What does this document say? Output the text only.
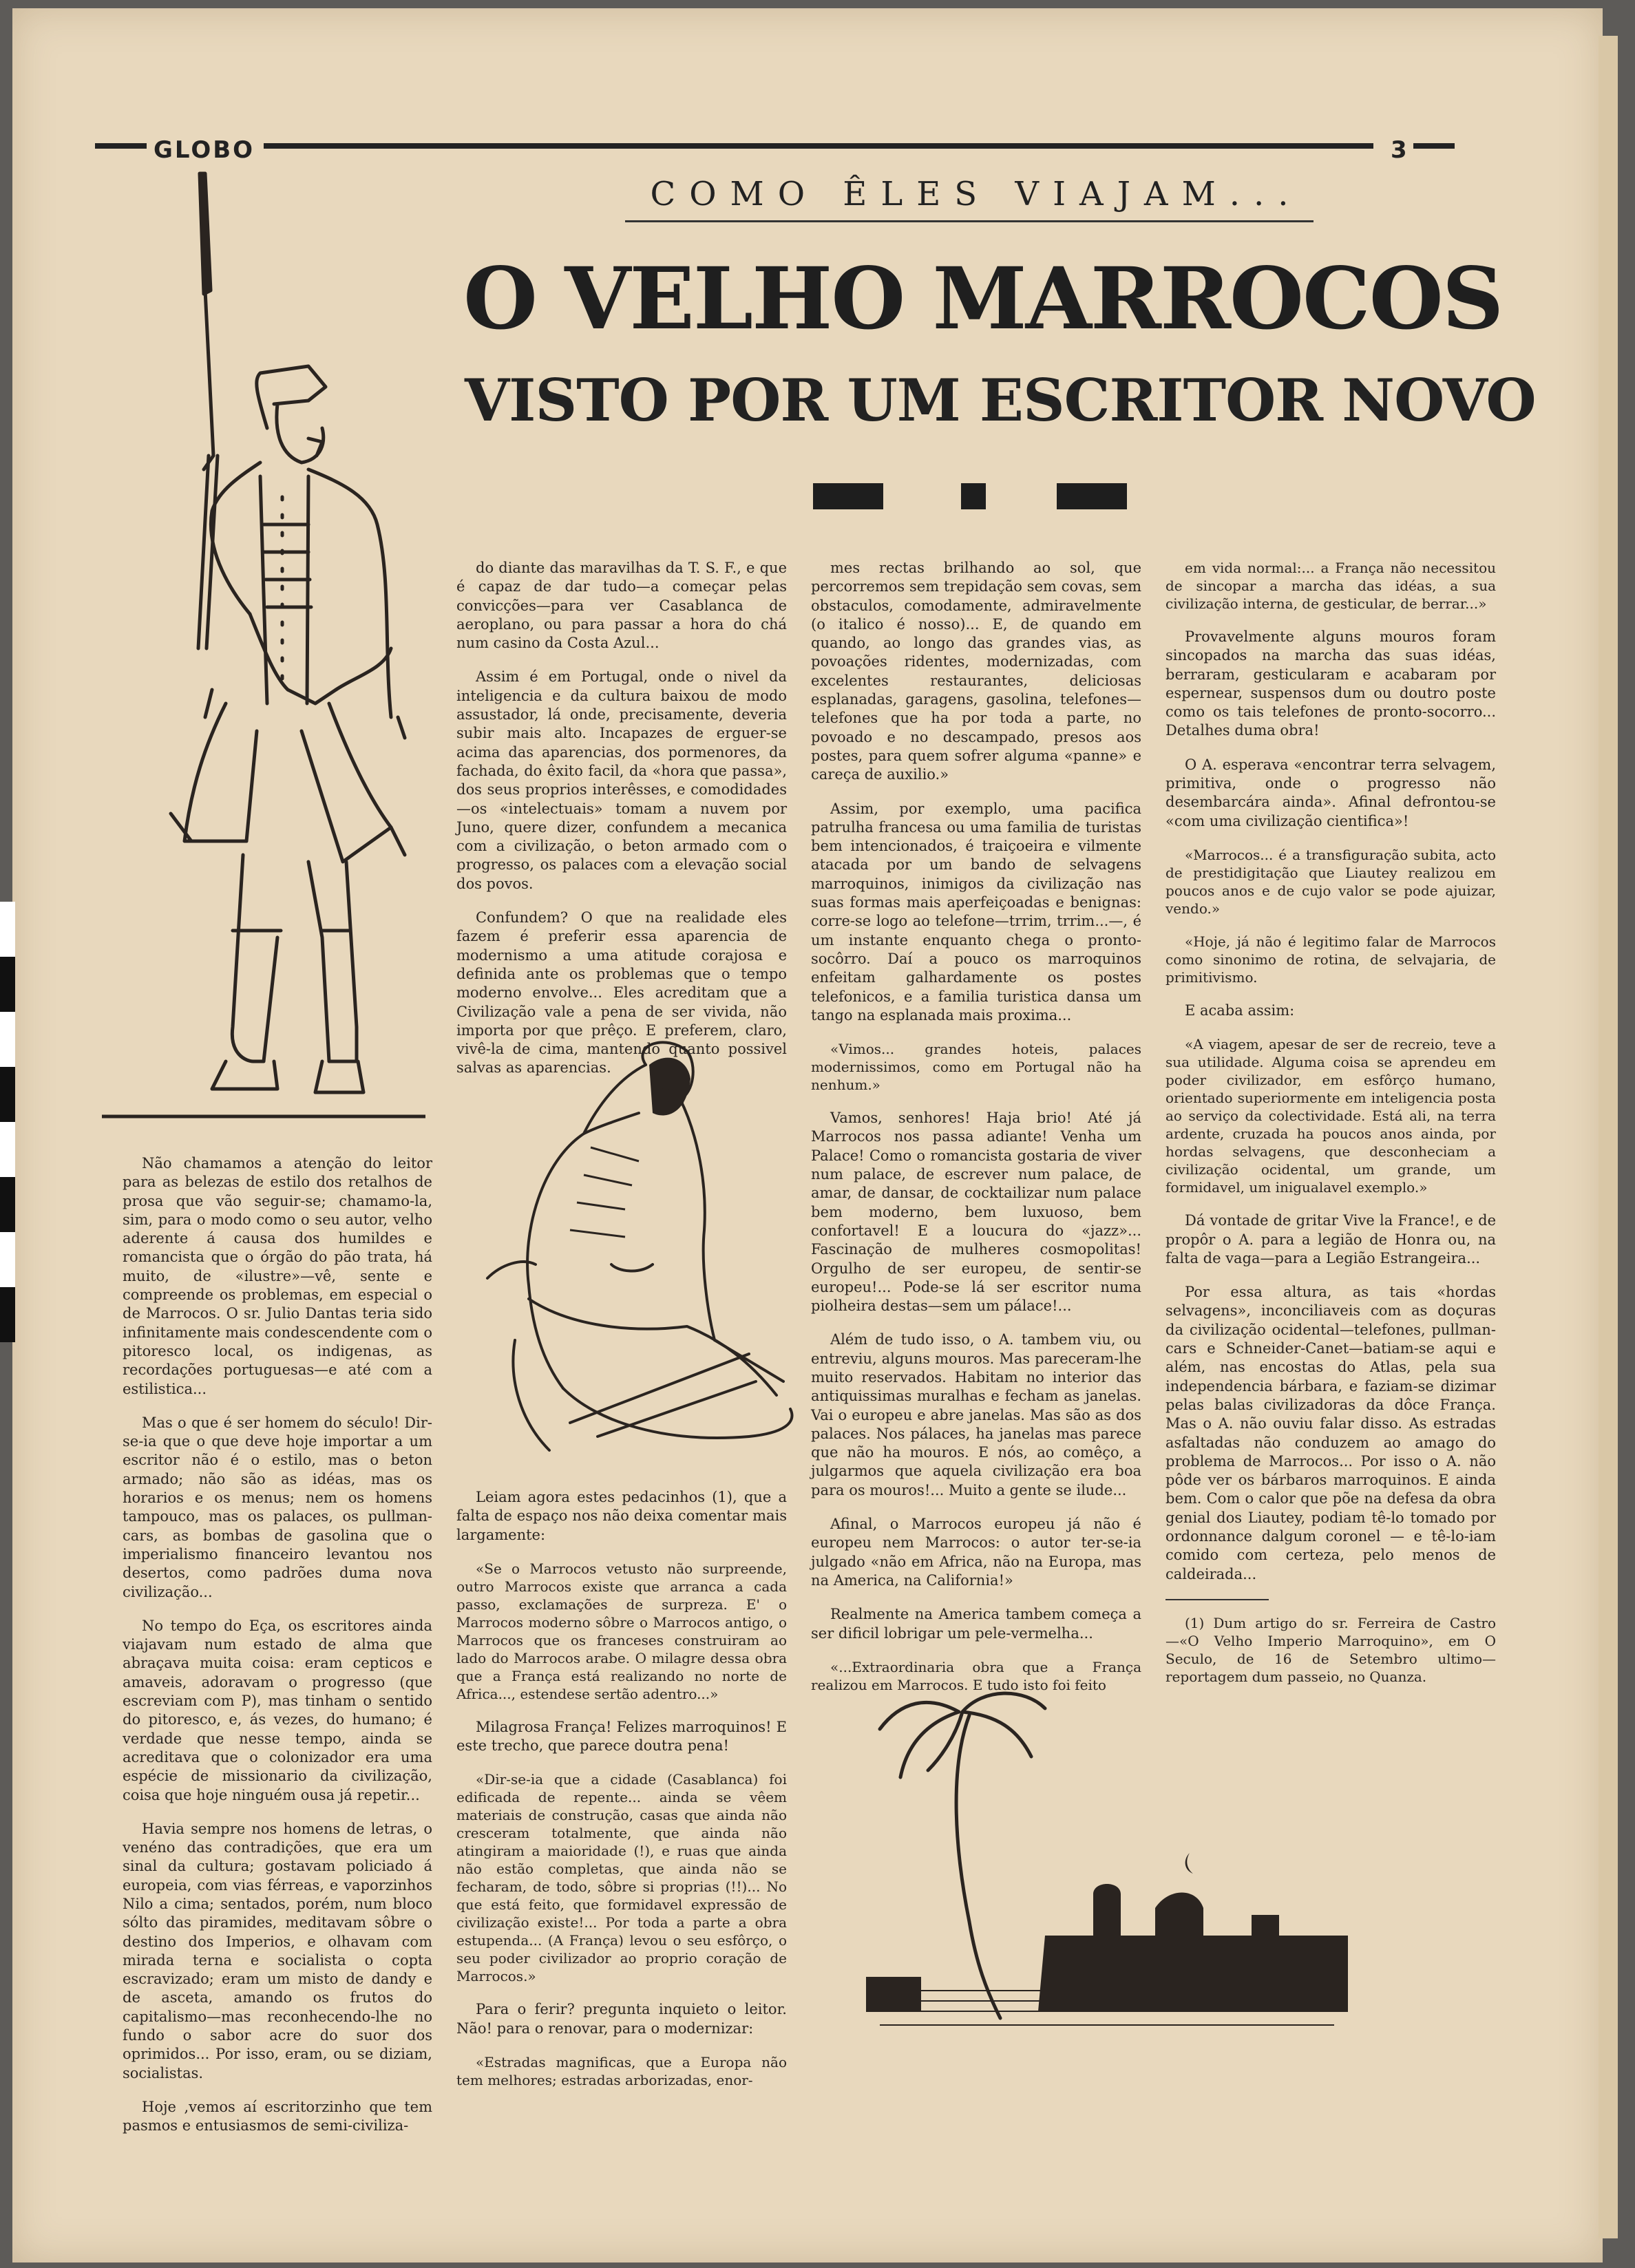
GLOBO	3
COMO ÊLES VIAJAM...
O VELHO MARROCOS
VISTO POR UM ESCRITOR NOVO

Não chamamos a atenção do leitor para as belezas de estilo dos retalhos de prosa que vão seguir-se; chamamo-la, sim, para o modo como o seu autor, velho aderente á causa dos humildes e romancista que o órgão do pão trata, há muito, de «ilustre»—vê, sente e compreende os problemas, em especial o de Marrocos. O sr. Julio Dantas teria sido infinitamente mais condescendente com o pitoresco local, os indigenas, as recordações portuguesas—e até com a estilistica...

Mas o que é ser homem do século! Dir-se-ia que o que deve hoje importar a um escritor não é o estilo, mas o beton armado; não são as idéas, mas os horarios e os menus; nem os homens tampouco, mas os palaces, os pullman-cars, as bombas de gasolina que o imperialismo financeiro levantou nos desertos, como padrões duma nova civilização...

No tempo do Eça, os escritores ainda viajavam num estado de alma que abraçava muita coisa: eram cepticos e amaveis, adoravam o progresso (que escreviam com P), mas tinham o sentido do pitoresco, e, ás vezes, do humano; é verdade que nesse tempo, ainda se acreditava que o colonizador era uma espécie de missionario da civilização, coisa que hoje ninguém ousa já repetir...

Havia sempre nos homens de letras, o venéno das contradições, que era um sinal da cultura; gostavam policiado á europeia, com vias férreas, e vaporzinhos Nilo a cima; sentados, porém, num bloco sólto das piramides, meditavam sôbre o destino dos Imperios, e olhavam com mirada terna e socialista o copta escravizado; eram um misto de dandy e de asceta, amando os frutos do capitalismo—mas reconhecendo-lhe no fundo o sabor acre do suor dos oprimidos... Por isso, eram, ou se diziam, socialistas.

Hoje ,vemos aí escritorzinho que tem pasmos e entusiasmos de semi-civiliza-

do diante das maravilhas da T. S. F., e que é capaz de dar tudo—a começar pelas convicções—para ver Casablanca de aeroplano, ou para passar a hora do chá num casino da Costa Azul...

Assim é em Portugal, onde o nivel da inteligencia e da cultura baixou de modo assustador, lá onde, precisamente, deveria subir mais alto. Incapazes de erguer-se acima das aparencias, dos pormenores, da fachada, do êxito facil, da «hora que passa», dos seus proprios interêsses, e comodidades—os «intelectuais» tomam a nuvem por Juno, quere dizer, confundem a mecanica com a civilização, o beton armado com o progresso, os palaces com a elevação social dos povos.

Confundem? O que na realidade eles fazem é preferir essa aparencia de modernismo a uma atitude corajosa e definida ante os problemas que o tempo moderno envolve... Eles acreditam que a Civilização vale a pena de ser vivida, não importa por que prêço. E preferem, claro, vivê-la de cima, mantendo quanto possivel salvas as aparencias.

Leiam agora estes pedacinhos (1), que a falta de espaço nos não deixa comentar mais largamente:

«Se o Marrocos vetusto não surpreende, outro Marrocos existe que arranca a cada passo, exclamações de surpreza. E' o Marrocos moderno sôbre o Marrocos antigo, o Marrocos que os franceses construiram ao lado do Marrocos arabe. O milagre dessa obra que a França está realizando no norte de Africa..., estendese sertão adentro...»

Milagrosa França! Felizes marroquinos! E este trecho, que parece doutra pena!

«Dir-se-ia que a cidade (Casablanca) foi edificada de repente... ainda se vêem materiais de construção, casas que ainda não cresceram totalmente, que ainda não atingiram a maioridade (!), e ruas que ainda não estão completas, que ainda não se fecharam, de todo, sôbre si proprias (!!)... No que está feito, que formidavel expressão de civilização existe!... Por toda a parte a obra estupenda... (A França) levou o seu esfôrço, o seu poder civilizador ao proprio coração de Marrocos.»

Para o ferir? pregunta inquieto o leitor. Não! para o renovar, para o modernizar:

«Estradas magnificas, que a Europa não tem melhores; estradas arborizadas, enor-

mes rectas brilhando ao sol, que percorremos sem trepidação sem covas, sem obstaculos, comodamente, admiravelmente (o italico é nosso)... E, de quando em quando, ao longo das grandes vias, as povoações ridentes, modernizadas, com excelentes restaurantes, deliciosas esplanadas, garagens, gasolina, telefones—telefones que ha por toda a parte, no povoado e no descampado, presos aos postes, para quem sofrer alguma «panne» e careça de auxilio.»

Assim, por exemplo, uma pacifica patrulha francesa ou uma familia de turistas bem intencionados, é traiçoeira e vilmente atacada por um bando de selvagens marroquinos, inimigos da civilização nas suas formas mais aperfeiçoadas e benignas: corre-se logo ao telefone—trrim, trrim...—, é um instante enquanto chega o pronto-socôrro. Daí a pouco os marroquinos enfeitam galhardamente os postes telefonicos, e a familia turistica dansa um tango na esplanada mais proxima...

«Vimos... grandes hoteis, palaces modernissimos, como em Portugal não ha nenhum.»

Vamos, senhores! Haja brio! Até já Marrocos nos passa adiante! Venha um Palace! Como o romancista gostaria de viver num palace, de escrever num palace, de amar, de dansar, de cocktailizar num palace bem moderno, bem luxuoso, bem confortavel! E a loucura do «jazz»... Fascinação de mulheres cosmopolitas! Orgulho de ser europeu, de sentir-se europeu!... Pode-se lá ser escritor numa piolheira destas—sem um pálace!...

Além de tudo isso, o A. tambem viu, ou entreviu, alguns mouros. Mas pareceram-lhe muito reservados. Habitam no interior das antiquissimas muralhas e fecham as janelas. Vai o europeu e abre janelas. Mas são as dos palaces. Nos pálaces, ha janelas mas parece que não ha mouros. E nós, ao comêço, a julgarmos que aquela civilização era boa para os mouros!... Muito a gente se ilude...

Afinal, o Marrocos europeu já não é europeu nem Marrocos: o autor ter-se-ia julgado «não em Africa, não na Europa, mas na America, na California!»

Realmente na America tambem começa a ser dificil lobrigar um pele-vermelha...

«...Extraordinaria obra que a França realizou em Marrocos. E tudo isto foi feito

em vida normal:... a França não necessitou de sincopar a marcha das idéas, a sua civilização interna, de gesticular, de berrar...»

Provavelmente alguns mouros foram sincopados na marcha das suas idéas, berraram, gesticularam e acabaram por espernear, suspensos dum ou doutro poste como os tais telefones de pronto-socorro... Detalhes duma obra!

O A. esperava «encontrar terra selvagem, primitiva, onde o progresso não desembarcára ainda». Afinal defrontou-se «com uma civilização cientifica»!

«Marrocos... é a transfiguração subita, acto de prestidigitação que Liautey realizou em poucos anos e de cujo valor se pode ajuizar, vendo.»

«Hoje, já não é legitimo falar de Marrocos como sinonimo de rotina, de selvajaria, de primitivismo.

E acaba assim:

«A viagem, apesar de ser de recreio, teve a sua utilidade. Alguma coisa se aprendeu em poder civilizador, em esfôrço humano, orientado superiormente em inteligencia posta ao serviço da colectividade. Está ali, na terra ardente, cruzada ha poucos anos ainda, por hordas selvagens, que desconheciam a civilização ocidental, um grande, um formidavel, um inigualavel exemplo.»

Dá vontade de gritar Vive la France!, e de propôr o A. para a legião de Honra ou, na falta de vaga—para a Legião Estrangeira...

Por essa altura, as tais «hordas selvagens», inconciliaveis com as doçuras da civilização ocidental—telefones, pullman-cars e Schneider-Canet—batiam-se aqui e além, nas encostas do Atlas, pela sua independencia bárbara, e faziam-se dizimar pelas balas civilizadoras da dôce França. Mas o A. não ouviu falar disso. As estradas asfaltadas não conduzem ao amago do problema de Marrocos... Por isso o A. não pôde ver os bárbaros marroquinos. E ainda bem. Com o calor que põe na defesa da obra genial dos Liautey, podiam tê-lo tomado por ordonnance dalgum coronel — e tê-lo-iam comido com certeza, pelo menos de caldeirada...

(1) Dum artigo do sr. Ferreira de Castro —«O Velho Imperio Marroquino», em O Seculo, de 16 de Setembro ultimo—reportagem dum passeio, no Quanza.
